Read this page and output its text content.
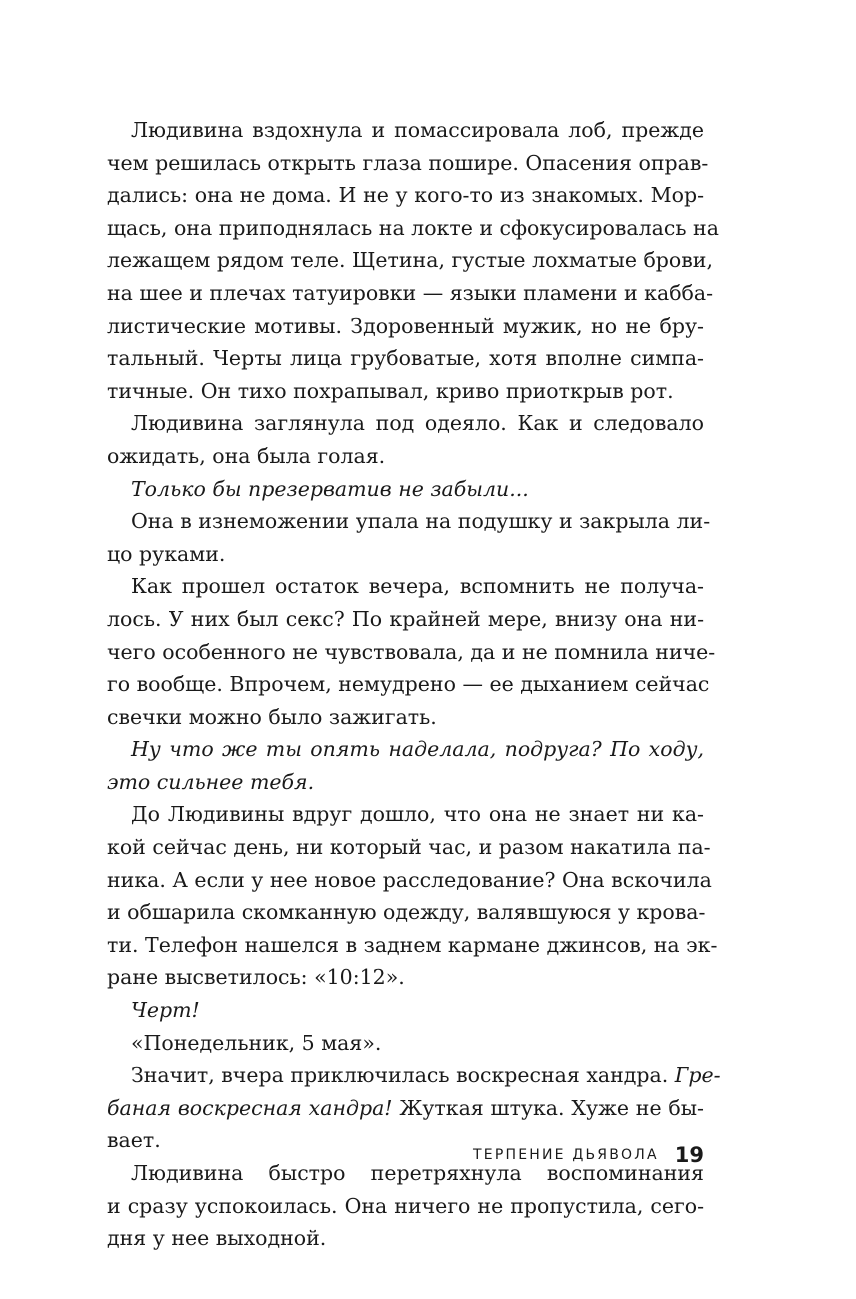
Людивина вздохнула и помассировала лоб, прежде
чем решилась открыть глаза пошире. Опасения оправ-
дались: она не дома. И не у кого-то из знакомых. Мор-
щась, она приподнялась на локте и сфокусировалась на
лежащем рядом теле. Щетина, густые лохматые брови,
на шее и плечах татуировки — языки пламени и кабба-
листические мотивы. Здоровенный мужик, но не бру-
тальный. Черты лица грубоватые, хотя вполне симпа-
тичные. Он тихо похрапывал, криво приоткрыв рот.
Людивина заглянула под одеяло. Как и следовало
ожидать, она была голая.
Только бы презерватив не забыли...
Она в изнеможении упала на подушку и закрыла ли-
цо руками.
Как прошел остаток вечера, вспомнить не получа-
лось. У них был секс? По крайней мере, внизу она ни-
чего особенного не чувствовала, да и не помнила ниче-
го вообще. Впрочем, немудрено — ее дыханием сейчас
свечки можно было зажигать.
Ну что же ты опять наделала, подруга? По ходу,
это сильнее тебя.
До Людивины вдруг дошло, что она не знает ни ка-
кой сейчас день, ни который час, и разом накатила па-
ника. А если у нее новое расследование? Она вскочила
и обшарила скомканную одежду, валявшуюся у крова-
ти. Телефон нашелся в заднем кармане джинсов, на эк-
ране высветилось: «10:12».
Черт!
«Понедельник, 5 мая».
Значит, вчера приключилась воскресная хандра. Гре-
баная воскресная хандра! Жуткая штука. Хуже не бы-
вает.
Людивина быстро перетряхнула воспоминания
и сразу успокоилась. Она ничего не пропустила, сего-
дня у нее выходной.
ТЕРПЕНИЕ ДЬЯВОЛА 19
